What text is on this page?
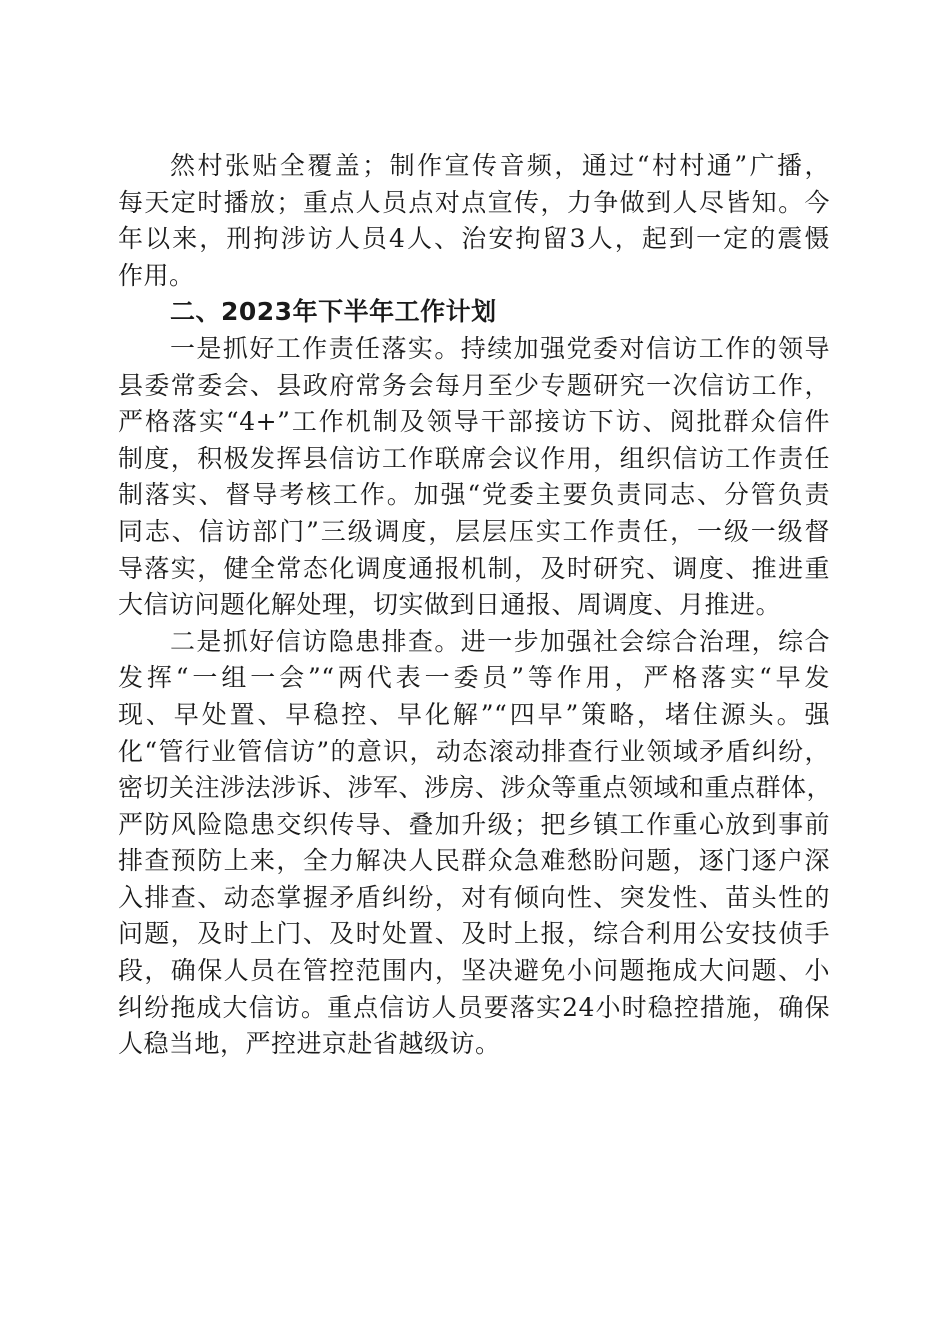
然村张贴全覆盖；制作宣传音频，通过“村村通”广播，
每天定时播放；重点人员点对点宣传，力争做到人尽皆知。今
年以来，刑拘涉访人员4人、治安拘留3人，起到一定的震慑
作用。
二、2023年下半年工作计划
一是抓好工作责任落实。持续加强党委对信访工作的领导
县委常委会、县政府常务会每月至少专题研究一次信访工作，
严格落实“4+”工作机制及领导干部接访下访、阅批群众信件
制度，积极发挥县信访工作联席会议作用，组织信访工作责任
制落实、督导考核工作。加强“党委主要负责同志、分管负责
同志、信访部门”三级调度，层层压实工作责任，一级一级督
导落实，健全常态化调度通报机制，及时研究、调度、推进重
大信访问题化解处理，切实做到日通报、周调度、月推进。
二是抓好信访隐患排查。进一步加强社会综合治理，综合
发挥“一组一会”“两代表一委员”等作用，严格落实“早发
现、早处置、早稳控、早化解”“四早”策略，堵住源头。强
化“管行业管信访”的意识，动态滚动排查行业领域矛盾纠纷，
密切关注涉法涉诉、涉军、涉房、涉众等重点领域和重点群体，
严防风险隐患交织传导、叠加升级；把乡镇工作重心放到事前
排查预防上来，全力解决人民群众急难愁盼问题，逐门逐户深
入排查、动态掌握矛盾纠纷，对有倾向性、突发性、苗头性的
问题，及时上门、及时处置、及时上报，综合利用公安技侦手
段，确保人员在管控范围内，坚决避免小问题拖成大问题、小
纠纷拖成大信访。重点信访人员要落实24小时稳控措施，确保
人稳当地，严控进京赴省越级访。
